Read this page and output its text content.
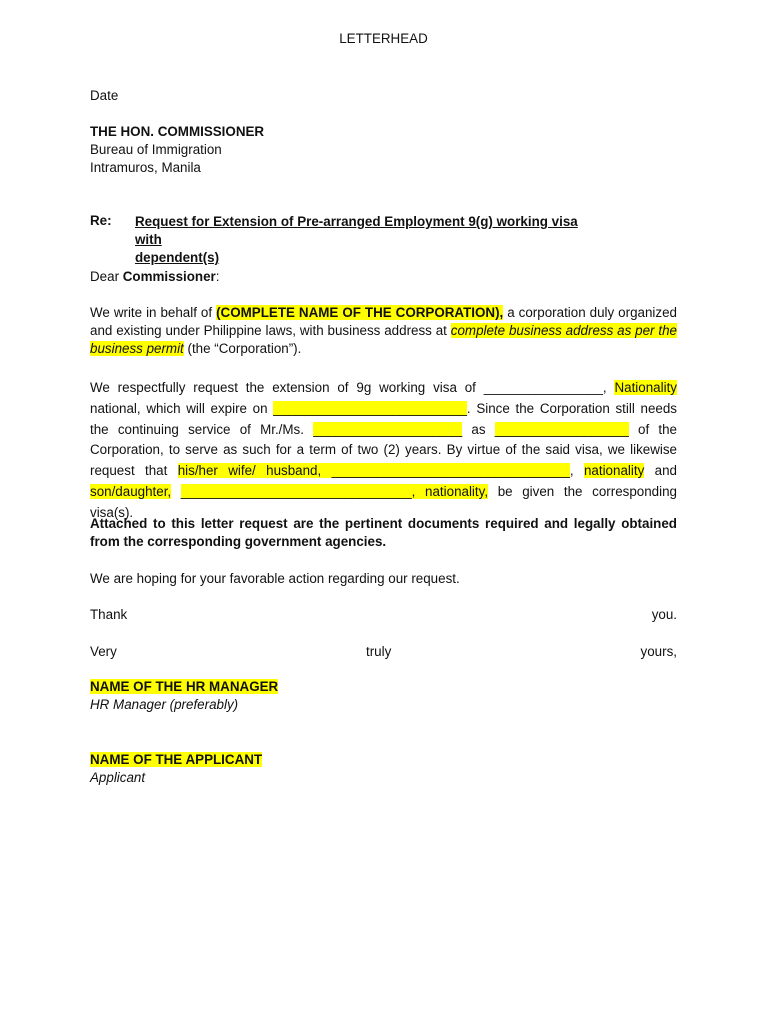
LETTERHEAD
Date
THE HON. COMMISSIONER
Bureau of Immigration
Intramuros, Manila
Re:	Request for Extension of Pre-arranged Employment 9(g) working visa with
dependent(s)
Dear Commissioner:

We write in behalf of (COMPLETE NAME OF THE CORPORATION), a corporation duly organized and existing under Philippine laws, with business address at complete business address as per the business permit (the “Corporation”).

We respectfully request the extension of 9g working visa of ________________, Nationality national, which will expire on __________________________. Since the Corporation still needs the continuing service of Mr./Ms. ____________________ as __________________ of the Corporation, to serve as such for a term of two (2) years. By virtue of the said visa, we likewise request that his/her wife/ husband, ________________________________, nationality and son/daughter, _______________________________, nationality, be given the corresponding visa(s).

Attached to this letter request are the pertinent documents required and legally obtained from the corresponding government agencies.

We are hoping for your favorable action regarding our request.

Thank	you.
Very	truly	yours,
NAME OF THE HR MANAGER
HR Manager (preferably)
NAME OF THE APPLICANT
Applicant
